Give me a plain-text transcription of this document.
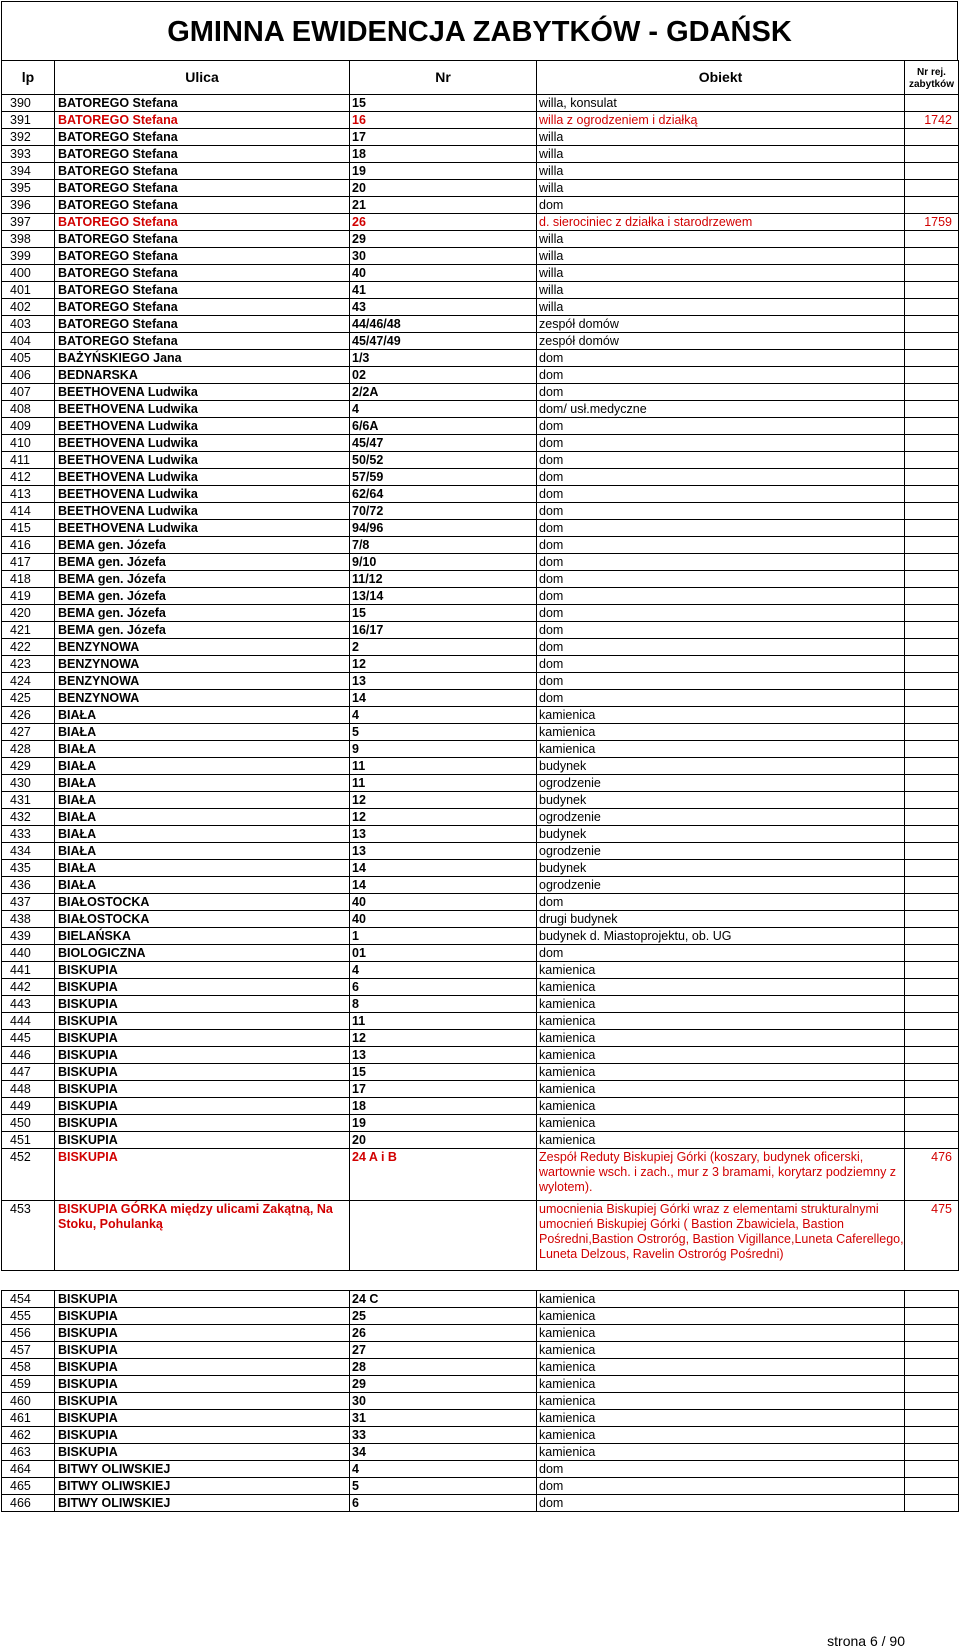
GMINNA EWIDENCJA ZABYTKÓW - GDAŃSK
lp	Ulica	Nr	Obiekt	Nr rej.
zabytków

390	BATOREGO Stefana	15	willa, konsulat	
391	BATOREGO Stefana	16	willa z ogrodzeniem i działką	1742
392	BATOREGO Stefana	17	willa	
393	BATOREGO Stefana	18	willa	
394	BATOREGO Stefana	19	willa	
395	BATOREGO Stefana	20	willa	
396	BATOREGO Stefana	21	dom	
397	BATOREGO Stefana	26	d. sierociniec z działka i starodrzewem	1759
398	BATOREGO Stefana	29	willa	
399	BATOREGO Stefana	30	willa	
400	BATOREGO Stefana	40	willa	
401	BATOREGO Stefana	41	willa	
402	BATOREGO Stefana	43	willa	
403	BATOREGO Stefana	44/46/48	zespół domów	
404	BATOREGO Stefana	45/47/49	zespół domów	
405	BAŻYŃSKIEGO Jana	1/3	dom	
406	BEDNARSKA	02	dom	
407	BEETHOVENA Ludwika	2/2A	dom	
408	BEETHOVENA Ludwika	4	dom/ usł.medyczne	
409	BEETHOVENA Ludwika	6/6A	dom	
410	BEETHOVENA Ludwika	45/47	dom	
411	BEETHOVENA Ludwika	50/52	dom	
412	BEETHOVENA Ludwika	57/59	dom	
413	BEETHOVENA Ludwika	62/64	dom	
414	BEETHOVENA Ludwika	70/72	dom	
415	BEETHOVENA Ludwika	94/96	dom	
416	BEMA gen. Józefa	7/8	dom	
417	BEMA gen. Józefa	9/10	dom	
418	BEMA gen. Józefa	11/12	dom	
419	BEMA gen. Józefa	13/14	dom	
420	BEMA gen. Józefa	15	dom	
421	BEMA gen. Józefa	16/17	dom	
422	BENZYNOWA	2	dom	
423	BENZYNOWA	12	dom	
424	BENZYNOWA	13	dom	
425	BENZYNOWA	14	dom	
426	BIAŁA	4	kamienica	
427	BIAŁA	5	kamienica	
428	BIAŁA	9	kamienica	
429	BIAŁA	11	budynek	
430	BIAŁA	11	ogrodzenie	
431	BIAŁA	12	budynek	
432	BIAŁA	12	ogrodzenie	
433	BIAŁA	13	budynek	
434	BIAŁA	13	ogrodzenie	
435	BIAŁA	14	budynek	
436	BIAŁA	14	ogrodzenie	
437	BIAŁOSTOCKA	40	dom	
438	BIAŁOSTOCKA	40	drugi budynek	
439	BIELAŃSKA	1	budynek d. Miastoprojektu, ob. UG	
440	BIOLOGICZNA	01	dom	
441	BISKUPIA	4	kamienica	
442	BISKUPIA	6	kamienica	
443	BISKUPIA	8	kamienica	
444	BISKUPIA	11	kamienica	
445	BISKUPIA	12	kamienica	
446	BISKUPIA	13	kamienica	
447	BISKUPIA	15	kamienica	
448	BISKUPIA	17	kamienica	
449	BISKUPIA	18	kamienica	
450	BISKUPIA	19	kamienica	
451	BISKUPIA	20	kamienica	
452	BISKUPIA	24 A i B	Zespół Reduty Biskupiej Górki (koszary, budynek oficerski, wartownie wsch. i zach., mur z 3 bramami, korytarz podziemny z wylotem).	476
453	BISKUPIA GÓRKA między ulicami Zakątną, Na Stoku, Pohulanką		umocnienia Biskupiej Górki wraz z elementami strukturalnymi umocnień Biskupiej Górki ( Bastion Zbawiciela, Bastion Pośredni,Bastion Ostroróg, Bastion Vigillance,Luneta Caferellego, Luneta Delzous, Ravelin Ostroróg Pośredni)	475

454	BISKUPIA	24 C	kamienica	
455	BISKUPIA	25	kamienica	
456	BISKUPIA	26	kamienica	
457	BISKUPIA	27	kamienica	
458	BISKUPIA	28	kamienica	
459	BISKUPIA	29	kamienica	
460	BISKUPIA	30	kamienica	
461	BISKUPIA	31	kamienica	
462	BISKUPIA	33	kamienica	
463	BISKUPIA	34	kamienica	
464	BITWY OLIWSKIEJ	4	dom	
465	BITWY OLIWSKIEJ	5	dom	
466	BITWY OLIWSKIEJ	6	dom	
strona 6 / 90
